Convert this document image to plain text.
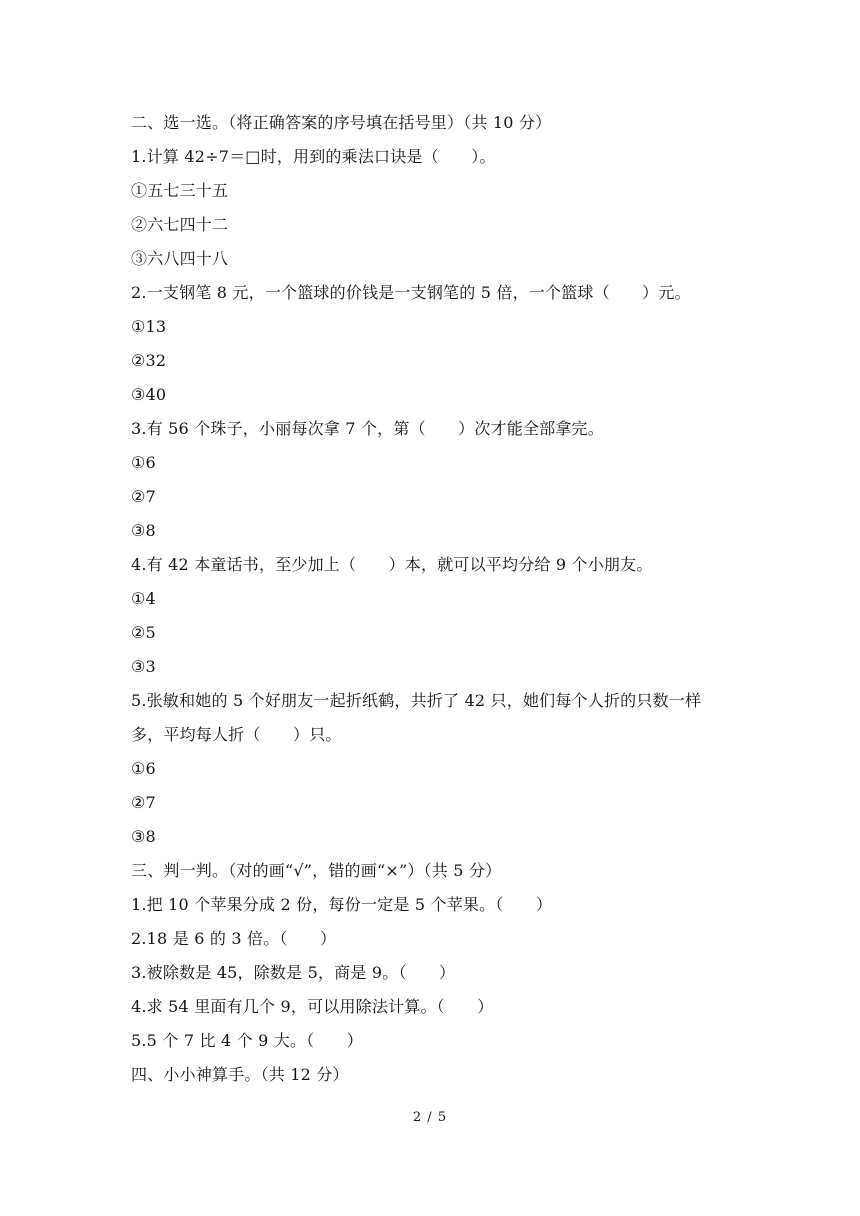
二、选一选。（将正确答案的序号填在括号里）（共 10 分）
1.计算 42÷7＝□时，用到的乘法口诀是（　　）。
①五七三十五
②六七四十二
③六八四十八
2.一支钢笔 8 元，一个篮球的价钱是一支钢笔的 5 倍，一个篮球（　　）元。
①13
②32
③40
3.有 56 个珠子，小丽每次拿 7 个，第（　　）次才能全部拿完。
①6
②7
③8
4.有 42 本童话书，至少加上（　　）本，就可以平均分给 9 个小朋友。
①4
②5
③3
5.张敏和她的 5 个好朋友一起折纸鹤，共折了 42 只，她们每个人折的只数一样
多，平均每人折（　　）只。
①6
②7
③8
三、判一判。（对的画“√”，错的画“×”）（共 5 分）
1.把 10 个苹果分成 2 份，每份一定是 5 个苹果。（　　）
2.18 是 6 的 3 倍。（　　）
3.被除数是 45，除数是 5，商是 9。（　　）
4.求 54 里面有几个 9，可以用除法计算。（　　）
5.5 个 7 比 4 个 9 大。（　　）
四、小小神算手。（共 12 分）
2 / 5
